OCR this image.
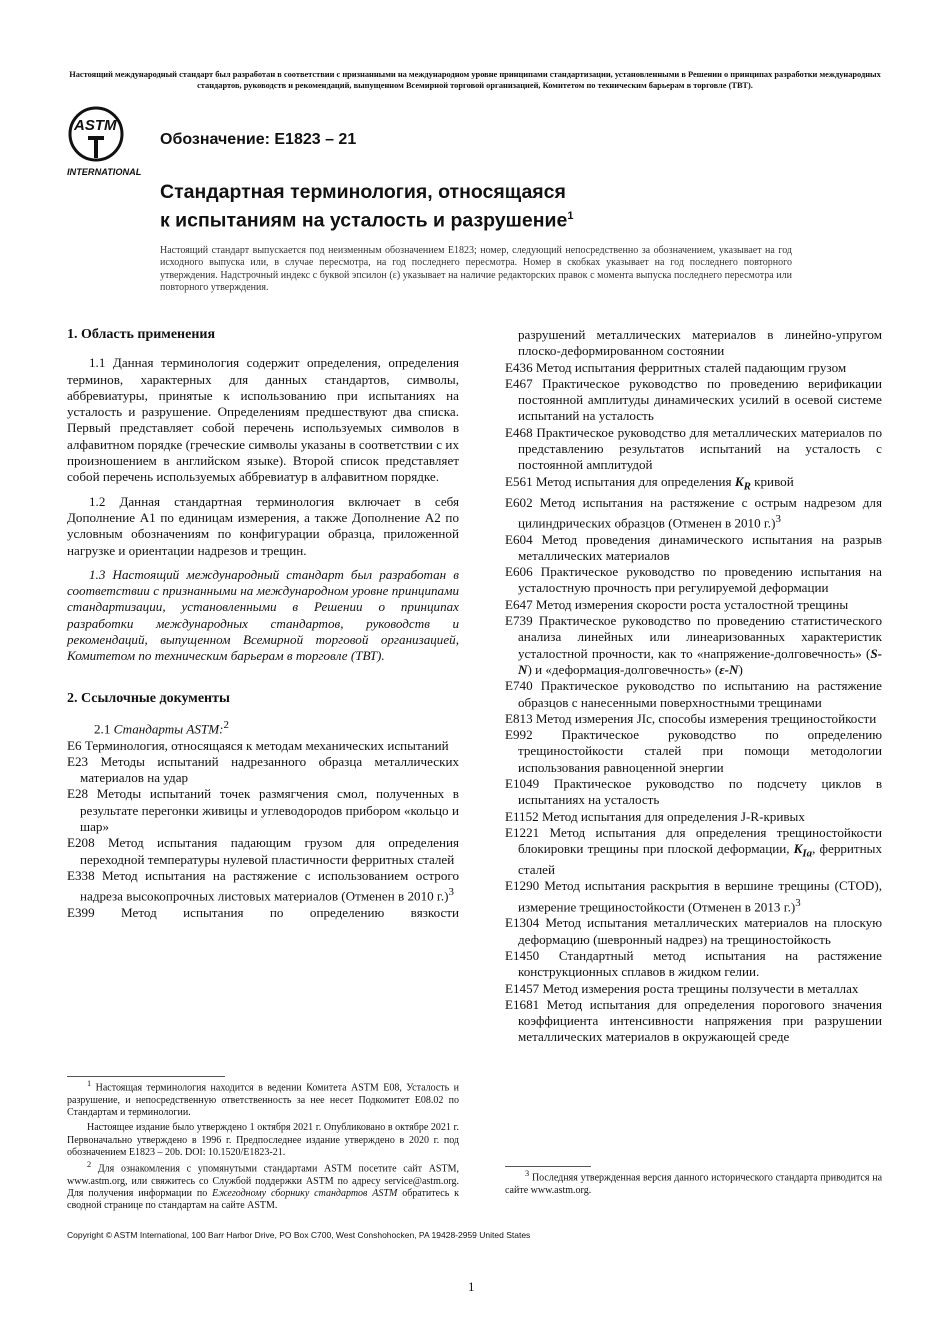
Настоящий международный стандарт был разработан в соответствии с признанными на международном уровне принципами стандартизации, установленными в Решении о принципах разработки международных стандартов, руководств и рекомендаций, выпущенном Всемирной торговой организацией, Комитетом по техническим барьерам в торговле (ТВТ).
ASTM
INTERNATIONAL
Обозначение: E1823 – 21
Стандартная терминология, относящаяся
к испытаниям на усталость и разрушение$^1$
Настоящий стандарт выпускается под неизменным обозначением E1823; номер, следующий непосредственно за обозначением, указывает на год исходного выпуска или, в случае пересмотра, на год последнего пересмотра. Номер в скобках указывает на год последнего повторного утверждения. Надстрочный индекс с буквой эпсилон (ε) указывает на наличие редакторских правок с момента выпуска последнего пересмотра или повторного утверждения.
1. Область применения

1.1 Данная терминология содержит определения, определения терминов, характерных для данных стандартов, символы, аббревиатуры, принятые к использованию при испытаниях на усталость и разрушение. Определениям предшествуют два списка. Первый представляет собой перечень используемых символов в алфавитном порядке (греческие символы указаны в соответствии с их произношением в английском языке). Второй список представляет собой перечень используемых аббревиатур в алфавитном порядке.

1.2 Данная стандартная терминология включает в себя Дополнение A1 по единицам измерения, а также Дополнение A2 по условным обозначениям по конфигурации образца, приложенной нагрузке и ориентации надрезов и трещин.

1.3 Настоящий международный стандарт был разработан в соответствии с признанными на международном уровне принципами стандартизации, установленными в Решении о принципах разработки международных стандартов, руководств и рекомендаций, выпущенном Всемирной торговой организацией, Комитетом по техническим барьерам в торговле (ТВТ).

2. Ссылочные документы
2.1 Стандарты ASTM:$^2$

E6 Терминология, относящаяся к методам механических испытаний

E23 Методы испытаний надрезанного образца металлических материалов на удар

E28 Методы испытаний точек размягчения смол, полученных в результате перегонки живицы и углеводородов прибором «кольцо и шар»

E208 Метод испытания падающим грузом для определения переходной температуры нулевой пластичности ферритных сталей

E338 Метод испытания на растяжение с использованием острого надреза высокопрочных листовых материалов (Отменен в 2010 г.)$^3$

E399 Метод испытания по определению вязкости

$^1$ Настоящая терминология находится в ведении Комитета ASTM E08, Усталость и разрушение, и непосредственную ответственность за нее несет Подкомитет E08.02 по Стандартам и терминологии.

Настоящее издание было утверждено 1 октября 2021 г. Опубликовано в октябре 2021 г. Первоначально утверждено в 1996 г. Предпоследнее издание утверждено в 2020 г. под обозначением E1823 – 20b. DOI: 10.1520/E1823-21.

$^2$ Для ознакомления с упомянутыми стандартами ASTM посетите сайт ASTM, www.astm.org, или свяжитесь со Службой поддержки ASTM по адресу service@astm.org. Для получения информации по Ежегодному сборнику стандартов ASTM обратитесь к сводной странице по стандартам на сайте ASTM.

разрушений металлических материалов в линейно-упругом плоско-деформированном состоянии

E436 Метод испытания ферритных сталей падающим грузом

E467 Практическое руководство по проведению верификации постоянной амплитуды динамических усилий в осевой системе испытаний на усталость

E468 Практическое руководство для металлических материалов по представлению результатов испытаний на усталость с постоянной амплитудой

E561 Метод испытания для определения $K_R$ кривой

E602 Метод испытания на растяжение с острым надрезом для цилиндрических образцов (Отменен в 2010 г.)$^3$

E604 Метод проведения динамического испытания на разрыв металлических материалов

E606 Практическое руководство по проведению испытания на усталостную прочность при регулируемой деформации

E647 Метод измерения скорости роста усталостной трещины

E739 Практическое руководство по проведению статистического анализа линейных или линеаризованных характеристик усталостной прочности, как то «напряжение-долговечность» (S-N) и «деформация-долговечность» (ε-N)

E740 Практическое руководство по испытанию на растяжение образцов с нанесенными поверхностными трещинами

E813 Метод измерения JIc, способы измерения трещиностойкости

E992 Практическое руководство по определению трещиностойкости сталей при помощи методологии использования равноценной энергии

E1049 Практическое руководство по подсчету циклов в испытаниях на усталость

E1152 Метод испытания для определения J-R-кривых

E1221 Метод испытания для определения трещиностойкости блокировки трещины при плоской деформации, $K_{Ia}$, ферритных сталей

E1290 Метод испытания раскрытия в вершине трещины (CTOD), измерение трещиностойкости (Отменен в 2013 г.)$^3$

E1304 Метод испытания металлических материалов на плоскую деформацию (шевронный надрез) на трещиностойкость

E1450 Стандартный метод испытания на растяжение конструкционных сплавов в жидком гелии.

E1457 Метод измерения роста трещины ползучести в металлах

E1681 Метод испытания для определения порогового значения коэффициента интенсивности напряжения при разрушении металлических материалов в окружающей среде

$^3$ Последняя утвержденная версия данного исторического стандарта приводится на сайте www.astm.org.

Copyright © ASTM International, 100 Barr Harbor Drive, PO Box C700, West Conshohocken, PA 19428-2959 United States
1
